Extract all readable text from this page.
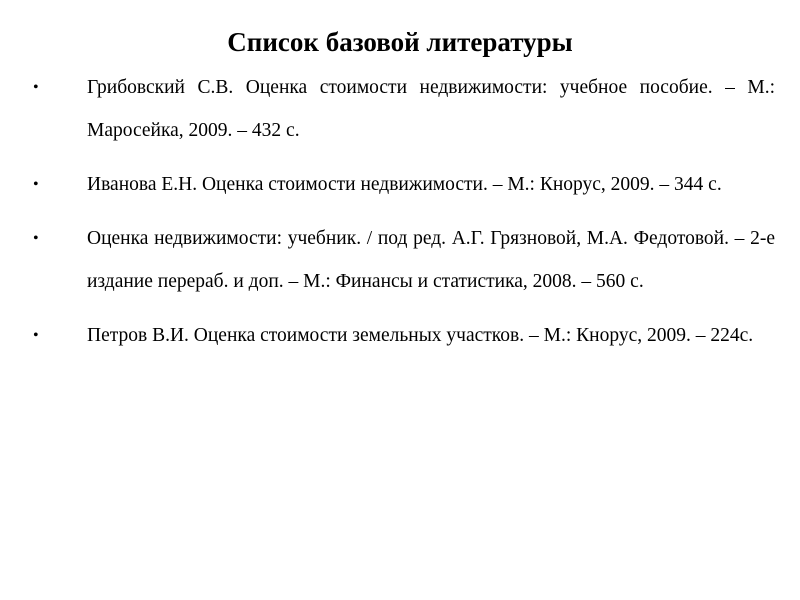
Список базовой литературы
• Грибовский С.В. Оценка стоимости недвижимости: учебное пособие. – М.: Маросейка, 2009. – 432 с.
• Иванова Е.Н. Оценка стоимости недвижимости. – М.: Кнорус, 2009. – 344 с.
• Оценка недвижимости: учебник. / под ред. А.Г. Грязновой, М.А. Федотовой. – 2-е издание перераб. и доп. – М.: Финансы и статистика, 2008. – 560 с.
• Петров В.И. Оценка стоимости земельных участков. – М.: Кнорус, 2009. – 224с.
